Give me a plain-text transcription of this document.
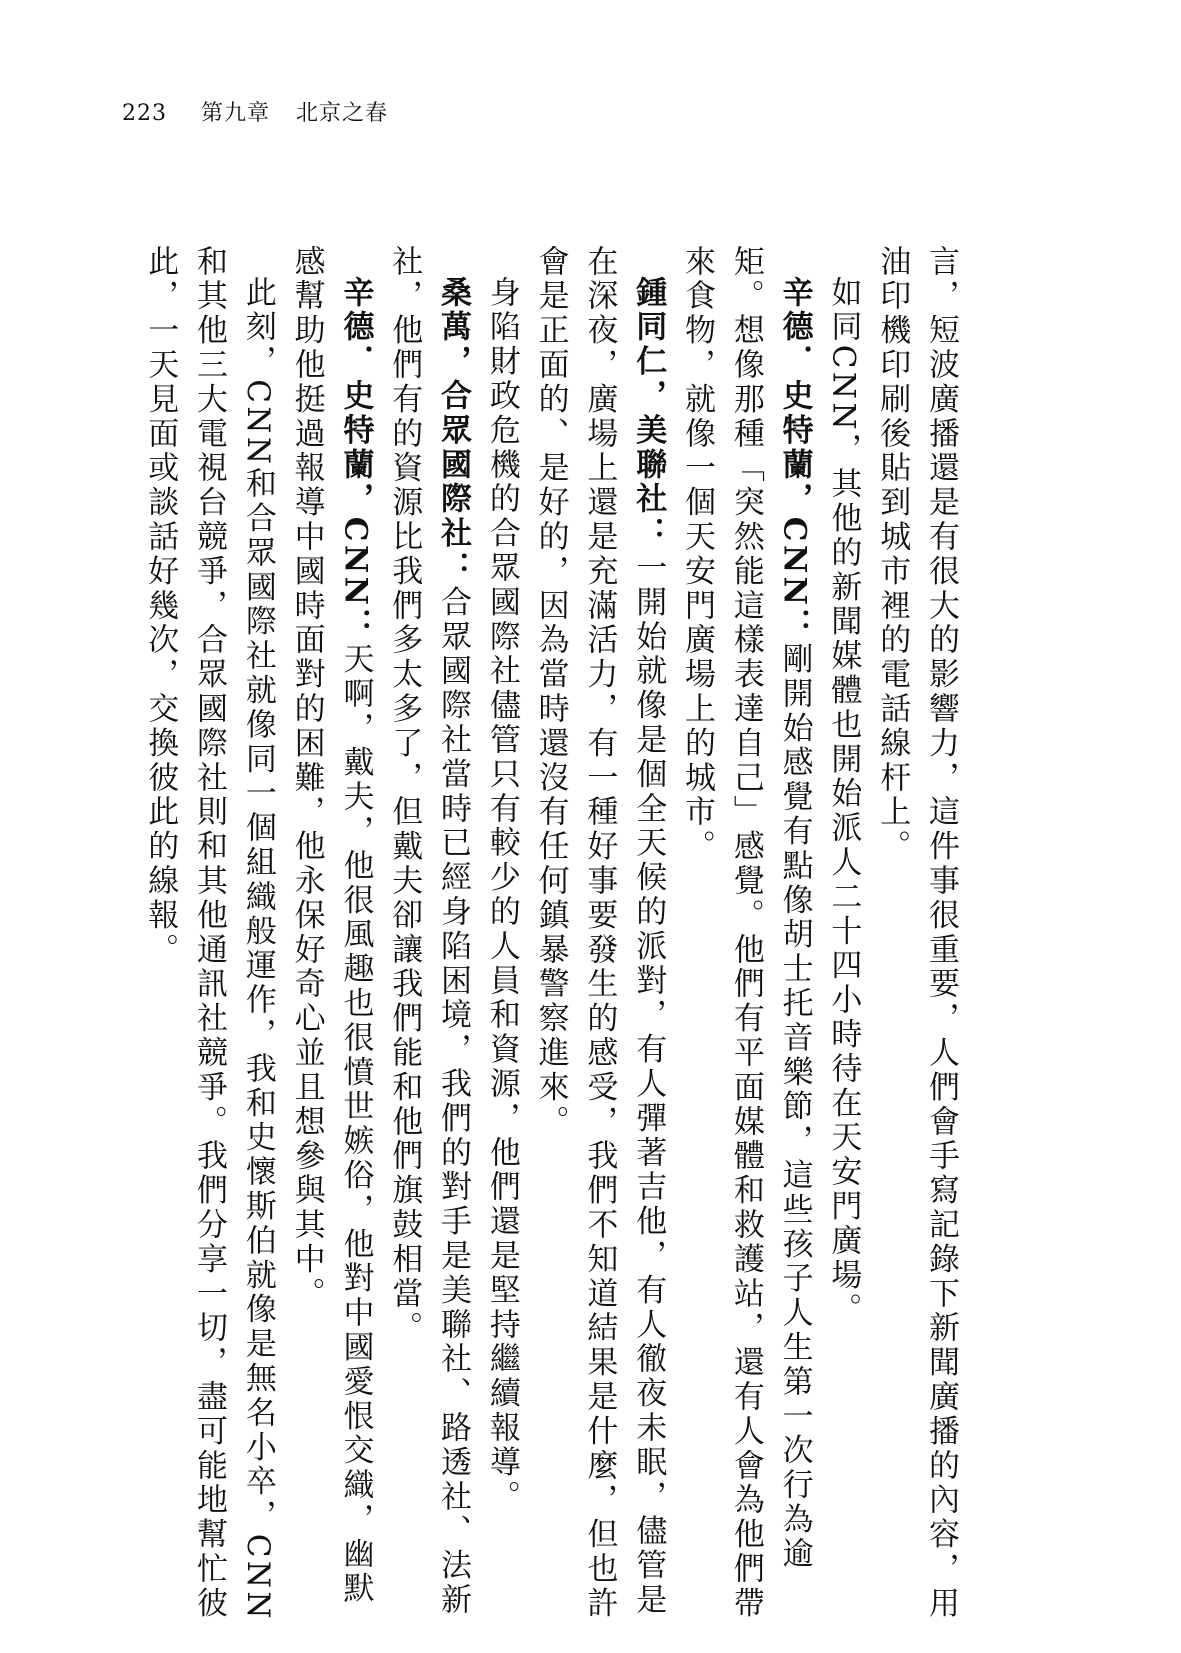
223 第九章 北京之春

言，短波廣播還是有很大的影響力，這件事很重要，人們會手寫記錄下新聞廣播的內容，用油印機印刷後貼到城市裡的電話線杆上。

如同CNN，其他的新聞媒體也開始派人二十四小時待在天安門廣場。

辛德．史特蘭，CNN：剛開始感覺有點像胡士托音樂節，這些孩子人生第一次行為逾矩。想像那種「突然能這樣表達自己」感覺。他們有平面媒體和救護站，還有人會為他們帶來食物，就像一個天安門廣場上的城市。

鍾同仁，美聯社：一開始就像是個全天候的派對，有人彈著吉他，有人徹夜未眠，儘管是在深夜，廣場上還是充滿活力，有一種好事要發生的感受，我們不知道結果是什麼，但也許會是正面的、是好的，因為當時還沒有任何鎮暴警察進來。

身陷財政危機的合眾國際社儘管只有較少的人員和資源，他們還是堅持繼續報導。

桑萬，合眾國際社：合眾國際社當時已經身陷困境，我們的對手是美聯社、路透社、法新社，他們有的資源比我們多太多了，但戴夫卻讓我們能和他們旗鼓相當。

辛德．史特蘭，CNN：天啊，戴夫，他很風趣也很憤世嫉俗，他對中國愛恨交織，幽默感幫助他挺過報導中國時面對的困難，他永保好奇心並且想參與其中。

此刻，CNN和合眾國際社就像同一個組織般運作，我和史懷斯伯就像是無名小卒，CNN和其他三大電視台競爭，合眾國際社則和其他通訊社競爭。我們分享一切，盡可能地幫忙彼此，一天見面或談話好幾次，交換彼此的線報。
